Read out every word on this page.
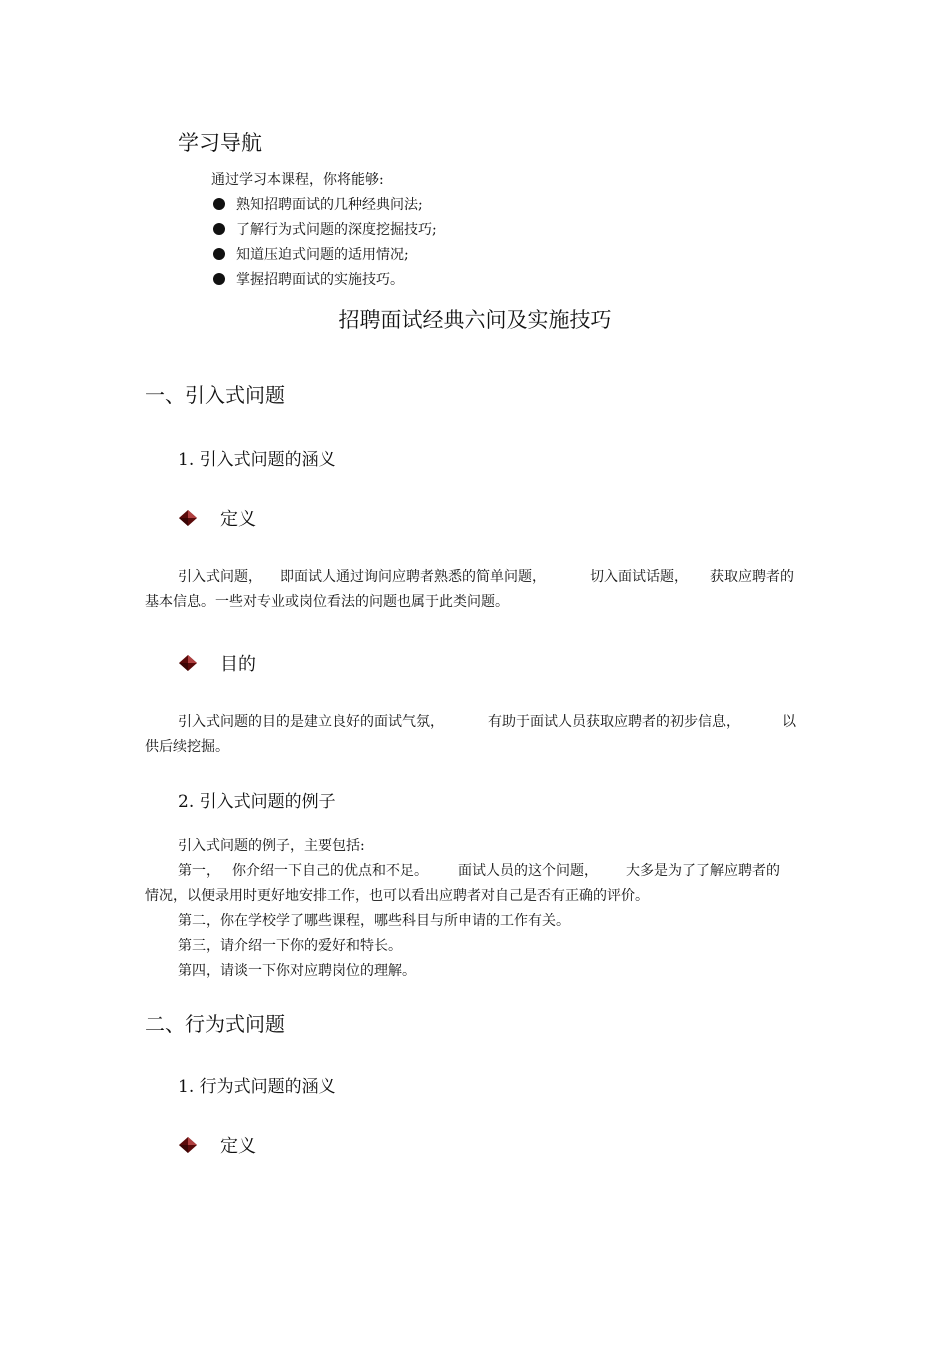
学习导航
通过学习本课程，你将能够:
熟知招聘面试的几种经典问法;
了解行为式问题的深度挖掘技巧;
知道压迫式问题的适用情况;
掌握招聘面试的实施技巧。
招聘面试经典六问及实施技巧
一、引入式问题
1. 引入式问题的涵义
定义
引入式问题， 即面试人通过询问应聘者熟悉的简单问题，	切入面试话题， 获取应聘者的
基本信息。一些对专业或岗位看法的问题也属于此类问题。
目的
引入式问题的目的是建立良好的面试气氛，	有助于面试人员获取应聘者的初步信息，	以
供后续挖掘。
2. 引入式问题的例子
引入式问题的例子，主要包括:
第一， 你介绍一下自己的优点和不足。 面试人员的这个问题， 大多是为了了解应聘者的
情况，以便录用时更好地安排工作，也可以看出应聘者对自己是否有正确的评价。
第二，你在学校学了哪些课程，哪些科目与所申请的工作有关。
第三，请介绍一下你的爱好和特长。
第四，请谈一下你对应聘岗位的理解。
二、行为式问题
1. 行为式问题的涵义
定义
